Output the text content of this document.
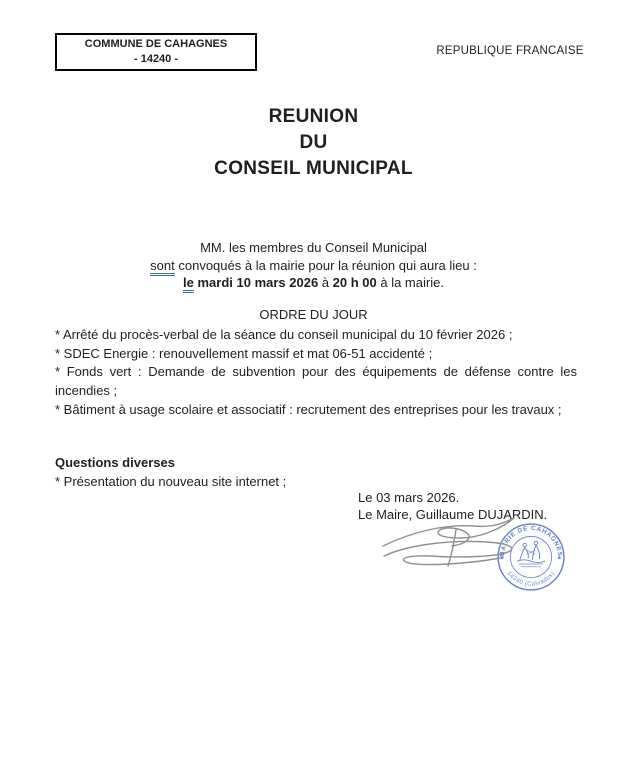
COMMUNE DE CAHAGNES
- 14240 -
REPUBLIQUE FRANCAISE
REUNION
DU
CONSEIL MUNICIPAL
MM. les membres du Conseil Municipal
sont convoqués à la mairie pour la réunion qui aura lieu :
le mardi 10 mars 2026 à 20 h 00 à la mairie.
ORDRE DU JOUR

* Arrêté du procès-verbal de la séance du conseil municipal du 10 février 2026 ;

* SDEC Energie : renouvellement massif et mat 06-51 accidenté ;

* Fonds vert : Demande de subvention pour des équipements de défense contre les incendies ;

* Bâtiment à usage scolaire et associatif : recrutement des entreprises pour les travaux ;

Questions diverses

* Présentation du nouveau site internet ;

Le 03 mars 2026.
Le Maire, Guillaume DUJARDIN.
MAIRIE DE CAHAGNES
14240 (Calvados)
★	★
